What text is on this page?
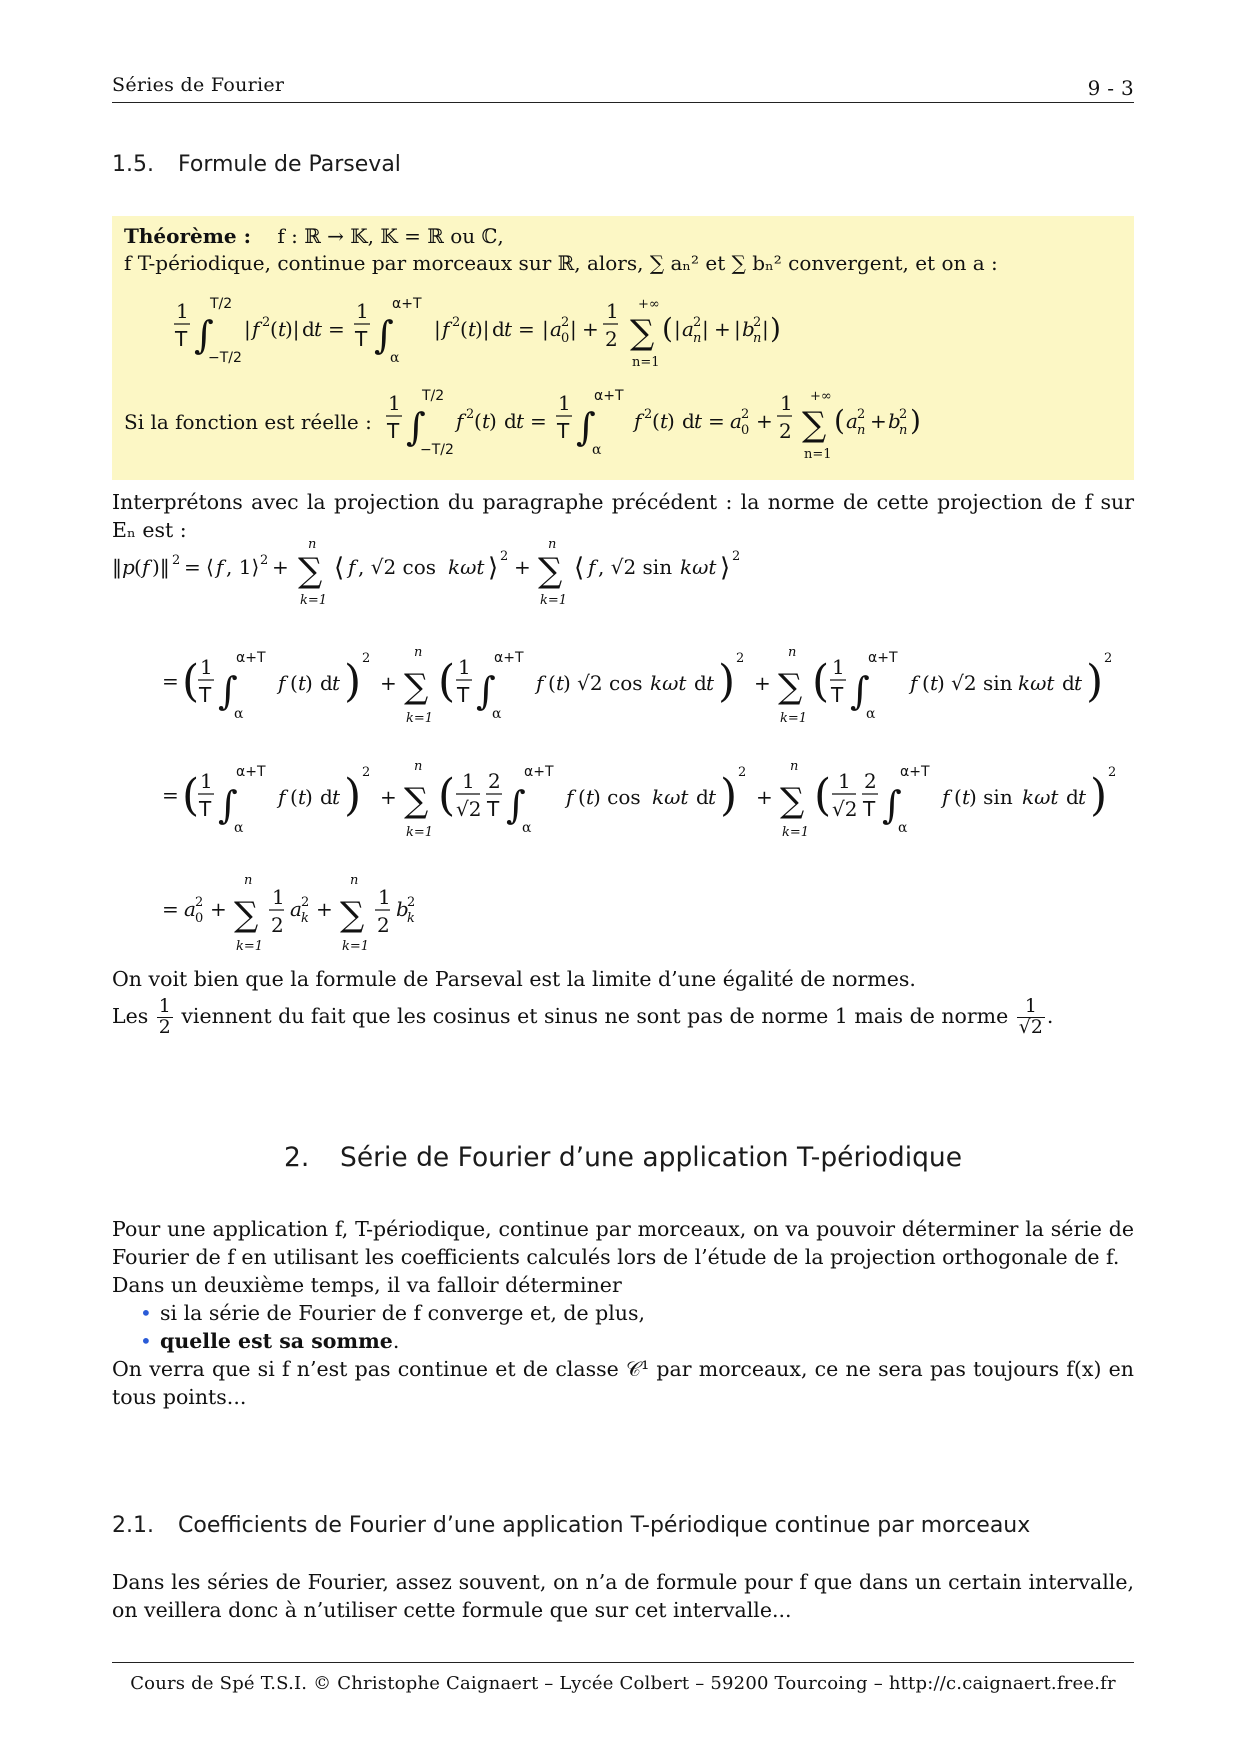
Séries de Fourier	9 - 3
1.5. Formule de Parseval
Théorème : f : ℝ → 𝕂, 𝕂 = ℝ ou ℂ,
f T-périodique, continue par morceaux sur ℝ, alors, ∑ aₙ² et ∑ bₙ² convergent, et on a :
1
T ∫
T/2
−T/2
| f 2 ( t
)| d t =
1
T ∫
α+T
α
| f 2 ( t
)| d t = | a 2
0 | +
1
2
+∞
∑
n=1
( | a 2
n | + | b
2
n | )
Si la fonction est réelle :
1
T ∫
T/2
−T/2
f 2 ( t
) d t =
1
T ∫
α+T
α
f 2 ( t
) d t = a 2
0 +
1
2
+∞
∑
n=1
( a 2
n + b
2
n )
Interprétons avec la projection du paragraphe précédent : la norme de cette projection de f sur Eₙ est :
‖ p ( f )‖ 2 = ⟨ f , 1⟩ 2 +
n
∑
k=1
⟨ f , √2 cos kωt ⟩ 2 +
n
∑
k=1
⟨ f , √2 sin kωt ⟩ 2
= ( 1
T ∫
α+T
α
f ( t
) d t ) 2
+
n
∑
k=1
( 1
T ∫
α+T
α
f ( t
) √2 cos kωt d t ) 2
+
n
∑
k=1
( 1
T ∫
α+T
α
f ( t
) √2 sin kωt d t ) 2
= ( 1
T ∫
α+T
α
f ( t
) d t ) 2
+
n
∑
k=1
( 1
√2
2
T ∫
α+T
α
f ( t
) cos kωt d t ) 2
+
n
∑
k=1
( 1
√2
2
T ∫
α+T
α
f ( t
) sin kωt d t ) 2
= a 2
0 +
n
∑
k=1
1
2
a 2
k +
n
∑
k=1
1
2
b
2
k

On voit bien que la formule de Parseval est la limite d’une égalité de normes.

Les $\frac{1}{2}$ viennent du fait que les cosinus et sinus ne sont pas de norme 1 mais de norme $\frac{1}{√2}$ .

2. Série de Fourier d’une application T-périodique

Pour une application f, T-périodique, continue par morceaux, on va pouvoir déterminer la série de Fourier de f en utilisant les coefficients calculés lors de l’étude de la projection orthogonale de f.

Dans un deuxième temps, il va falloir déterminer

• si la série de Fourier de f converge et, de plus,
• quelle est sa somme.

On verra que si f n’est pas continue et de classe 𝒞¹ par morceaux, ce ne sera pas toujours f(x) en tous points...

2.1. Coefficients de Fourier d’une application T-périodique continue par morceaux
Dans les séries de Fourier, assez souvent, on n’a de formule pour f que dans un certain intervalle, on veillera donc à n’utiliser cette formule que sur cet intervalle...
Cours de Spé T.S.I. © Christophe Caignaert – Lycée Colbert – 59200 Tourcoing – http://c.caignaert.free.fr
